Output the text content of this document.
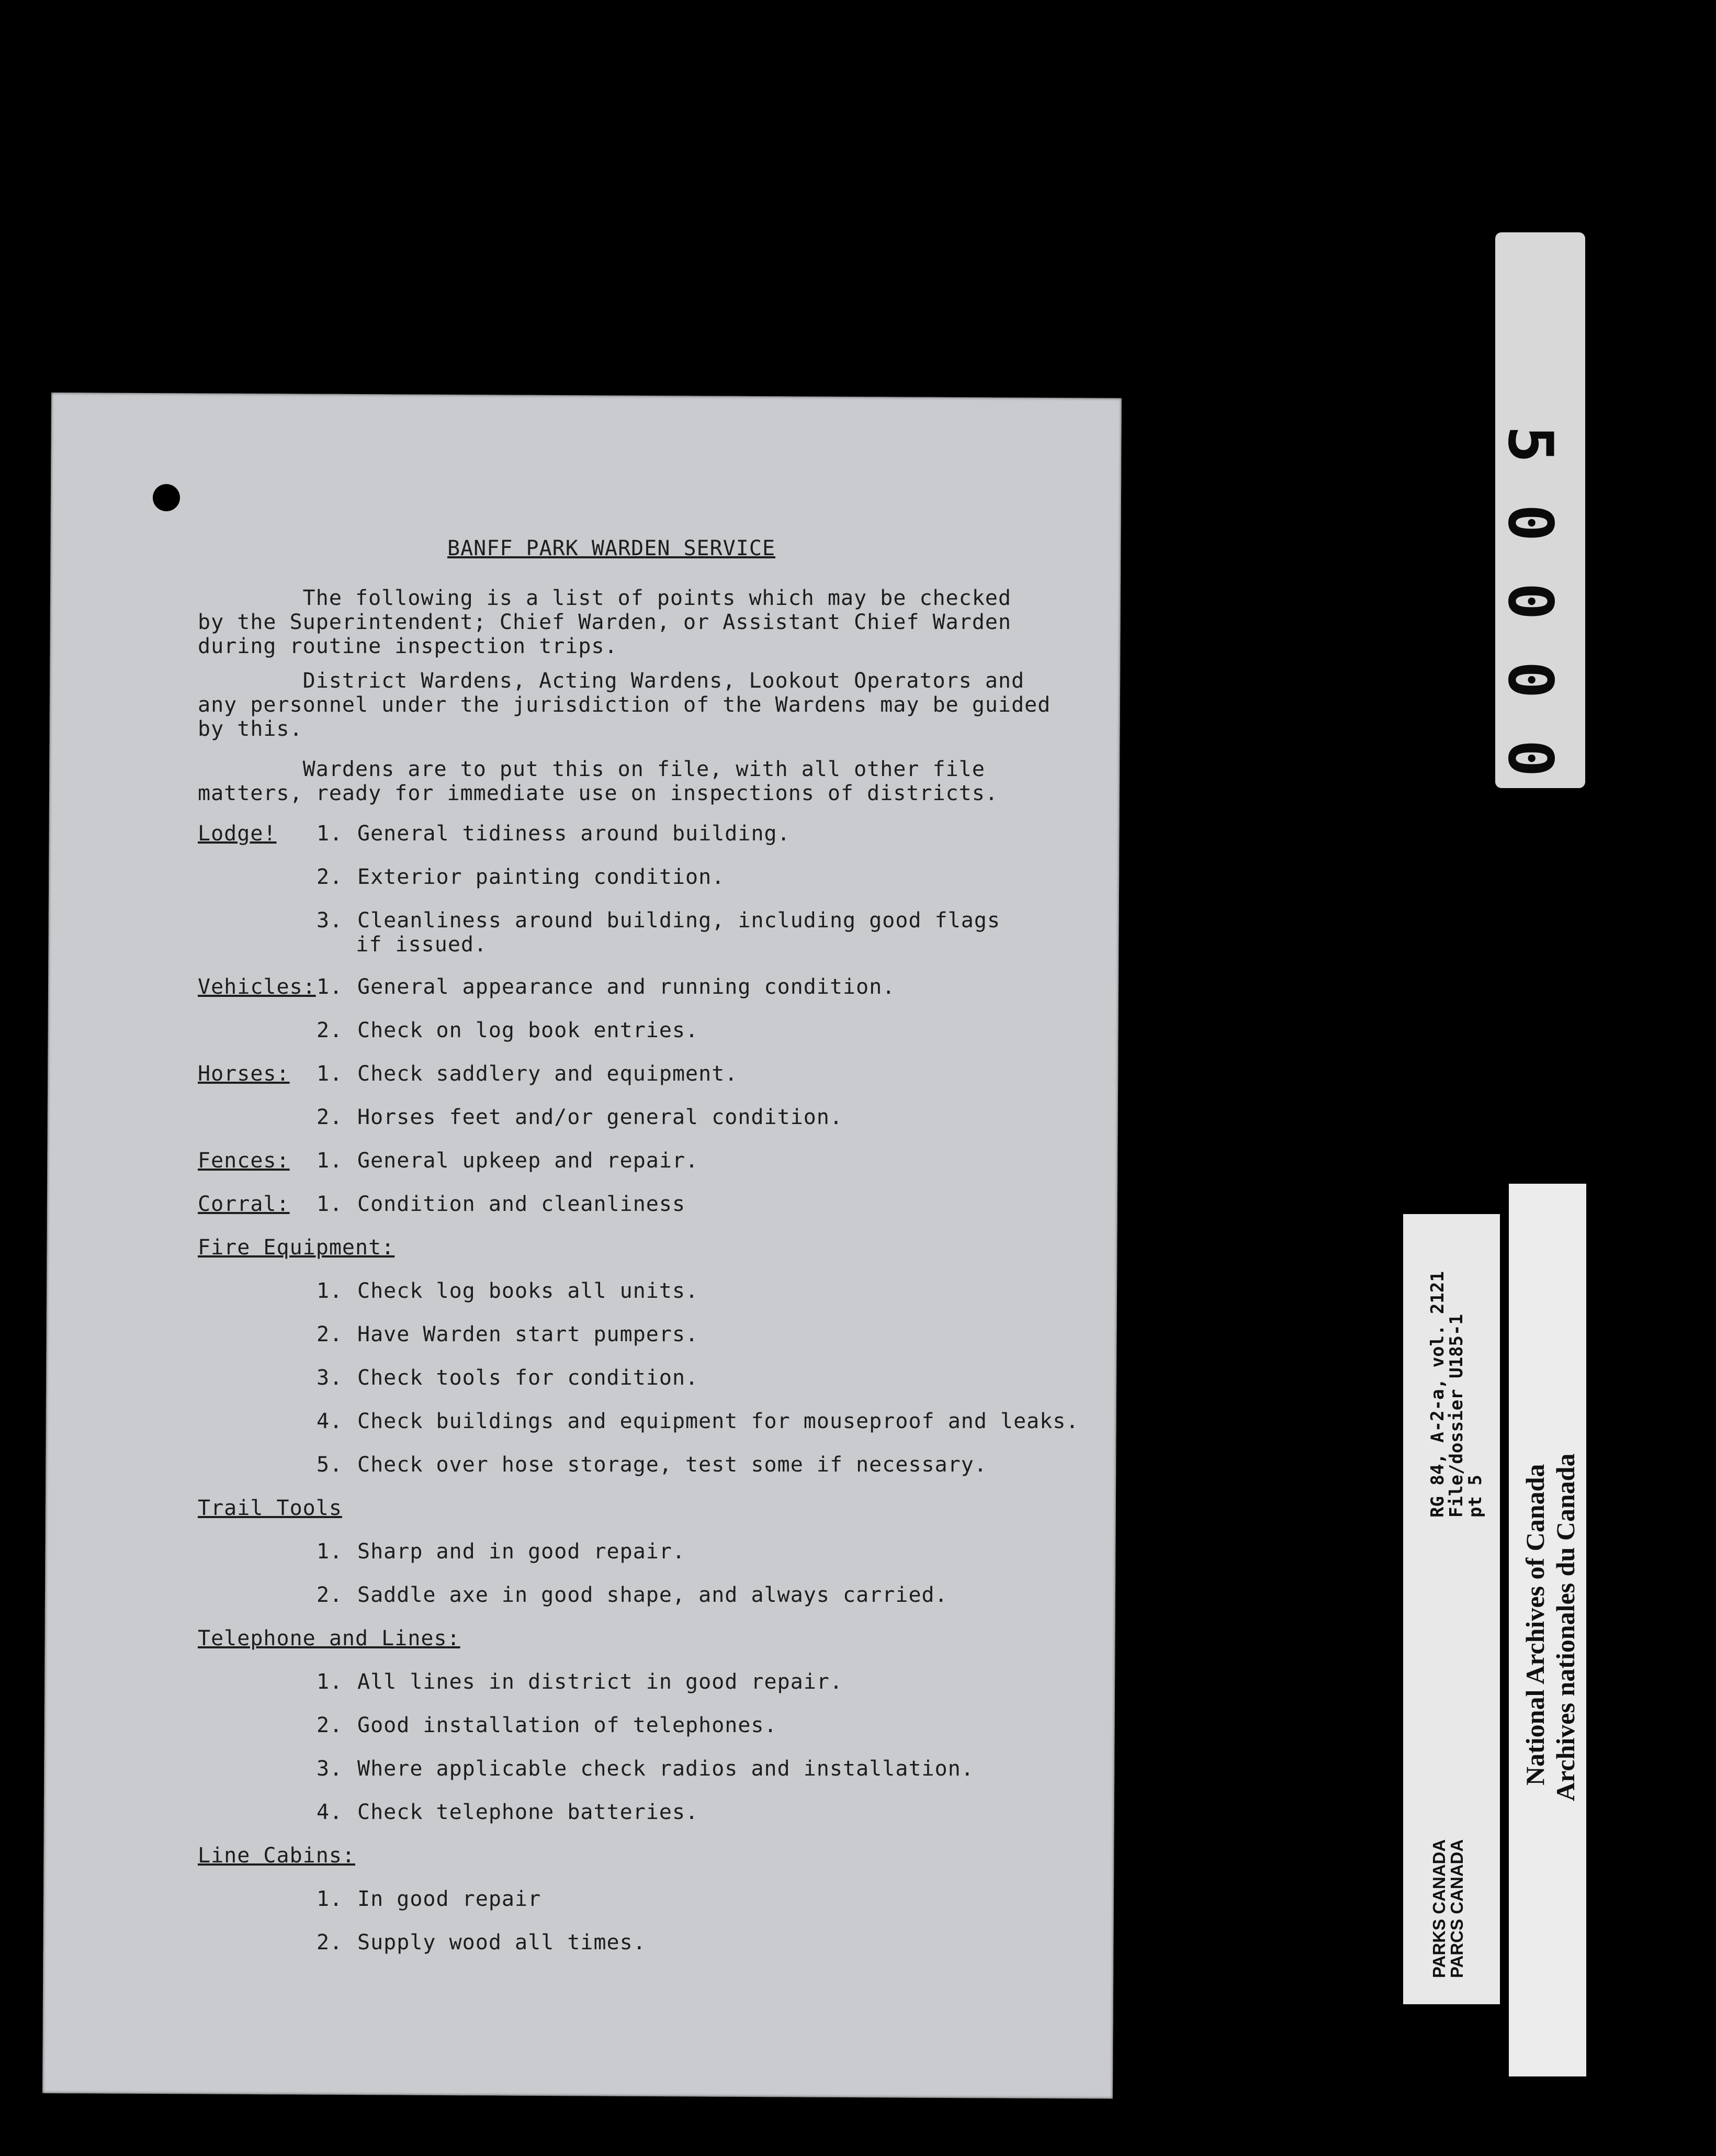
BANFF PARK WARDEN SERVICE
The following is a list of points which may be checked
by the Superintendent; Chief Warden, or Assistant Chief Warden
during routine inspection trips.
District Wardens, Acting Wardens, Lookout Operators and
any personnel under the jurisdiction of the Wardens may be guided
by this.
Wardens are to put this on file, with all other file
matters, ready for immediate use on inspections of districts.
Lodge! 1. General tidiness around building.
2. Exterior painting condition.
3. Cleanliness around building, including good flags
if issued.
Vehicles: 1. General appearance and running condition.
2. Check on log book entries.
Horses: 1. Check saddlery and equipment.
2. Horses feet and/or general condition.
Fences: 1. General upkeep and repair.
Corral: 1. Condition and cleanliness
Fire Equipment:
1. Check log books all units.
2. Have Warden start pumpers.
3. Check tools for condition.
4. Check buildings and equipment for mouseproof and leaks.
5. Check over hose storage, test some if necessary.
Trail Tools
1. Sharp and in good repair.
2. Saddle axe in good shape, and always carried.
Telephone and Lines:
1. All lines in district in good repair.
2. Good installation of telephones.
3. Where applicable check radios and installation.
4. Check telephone batteries.
Line Cabins:
1. In good repair
2. Supply wood all times.
0
0
0
0
5
RG 84, A-2-a, vol. 2121
File/dossier U185-1
pt 5
PARKS CANADA
PARCS CANADA
National Archives of Canada Archives nationales du Canada
